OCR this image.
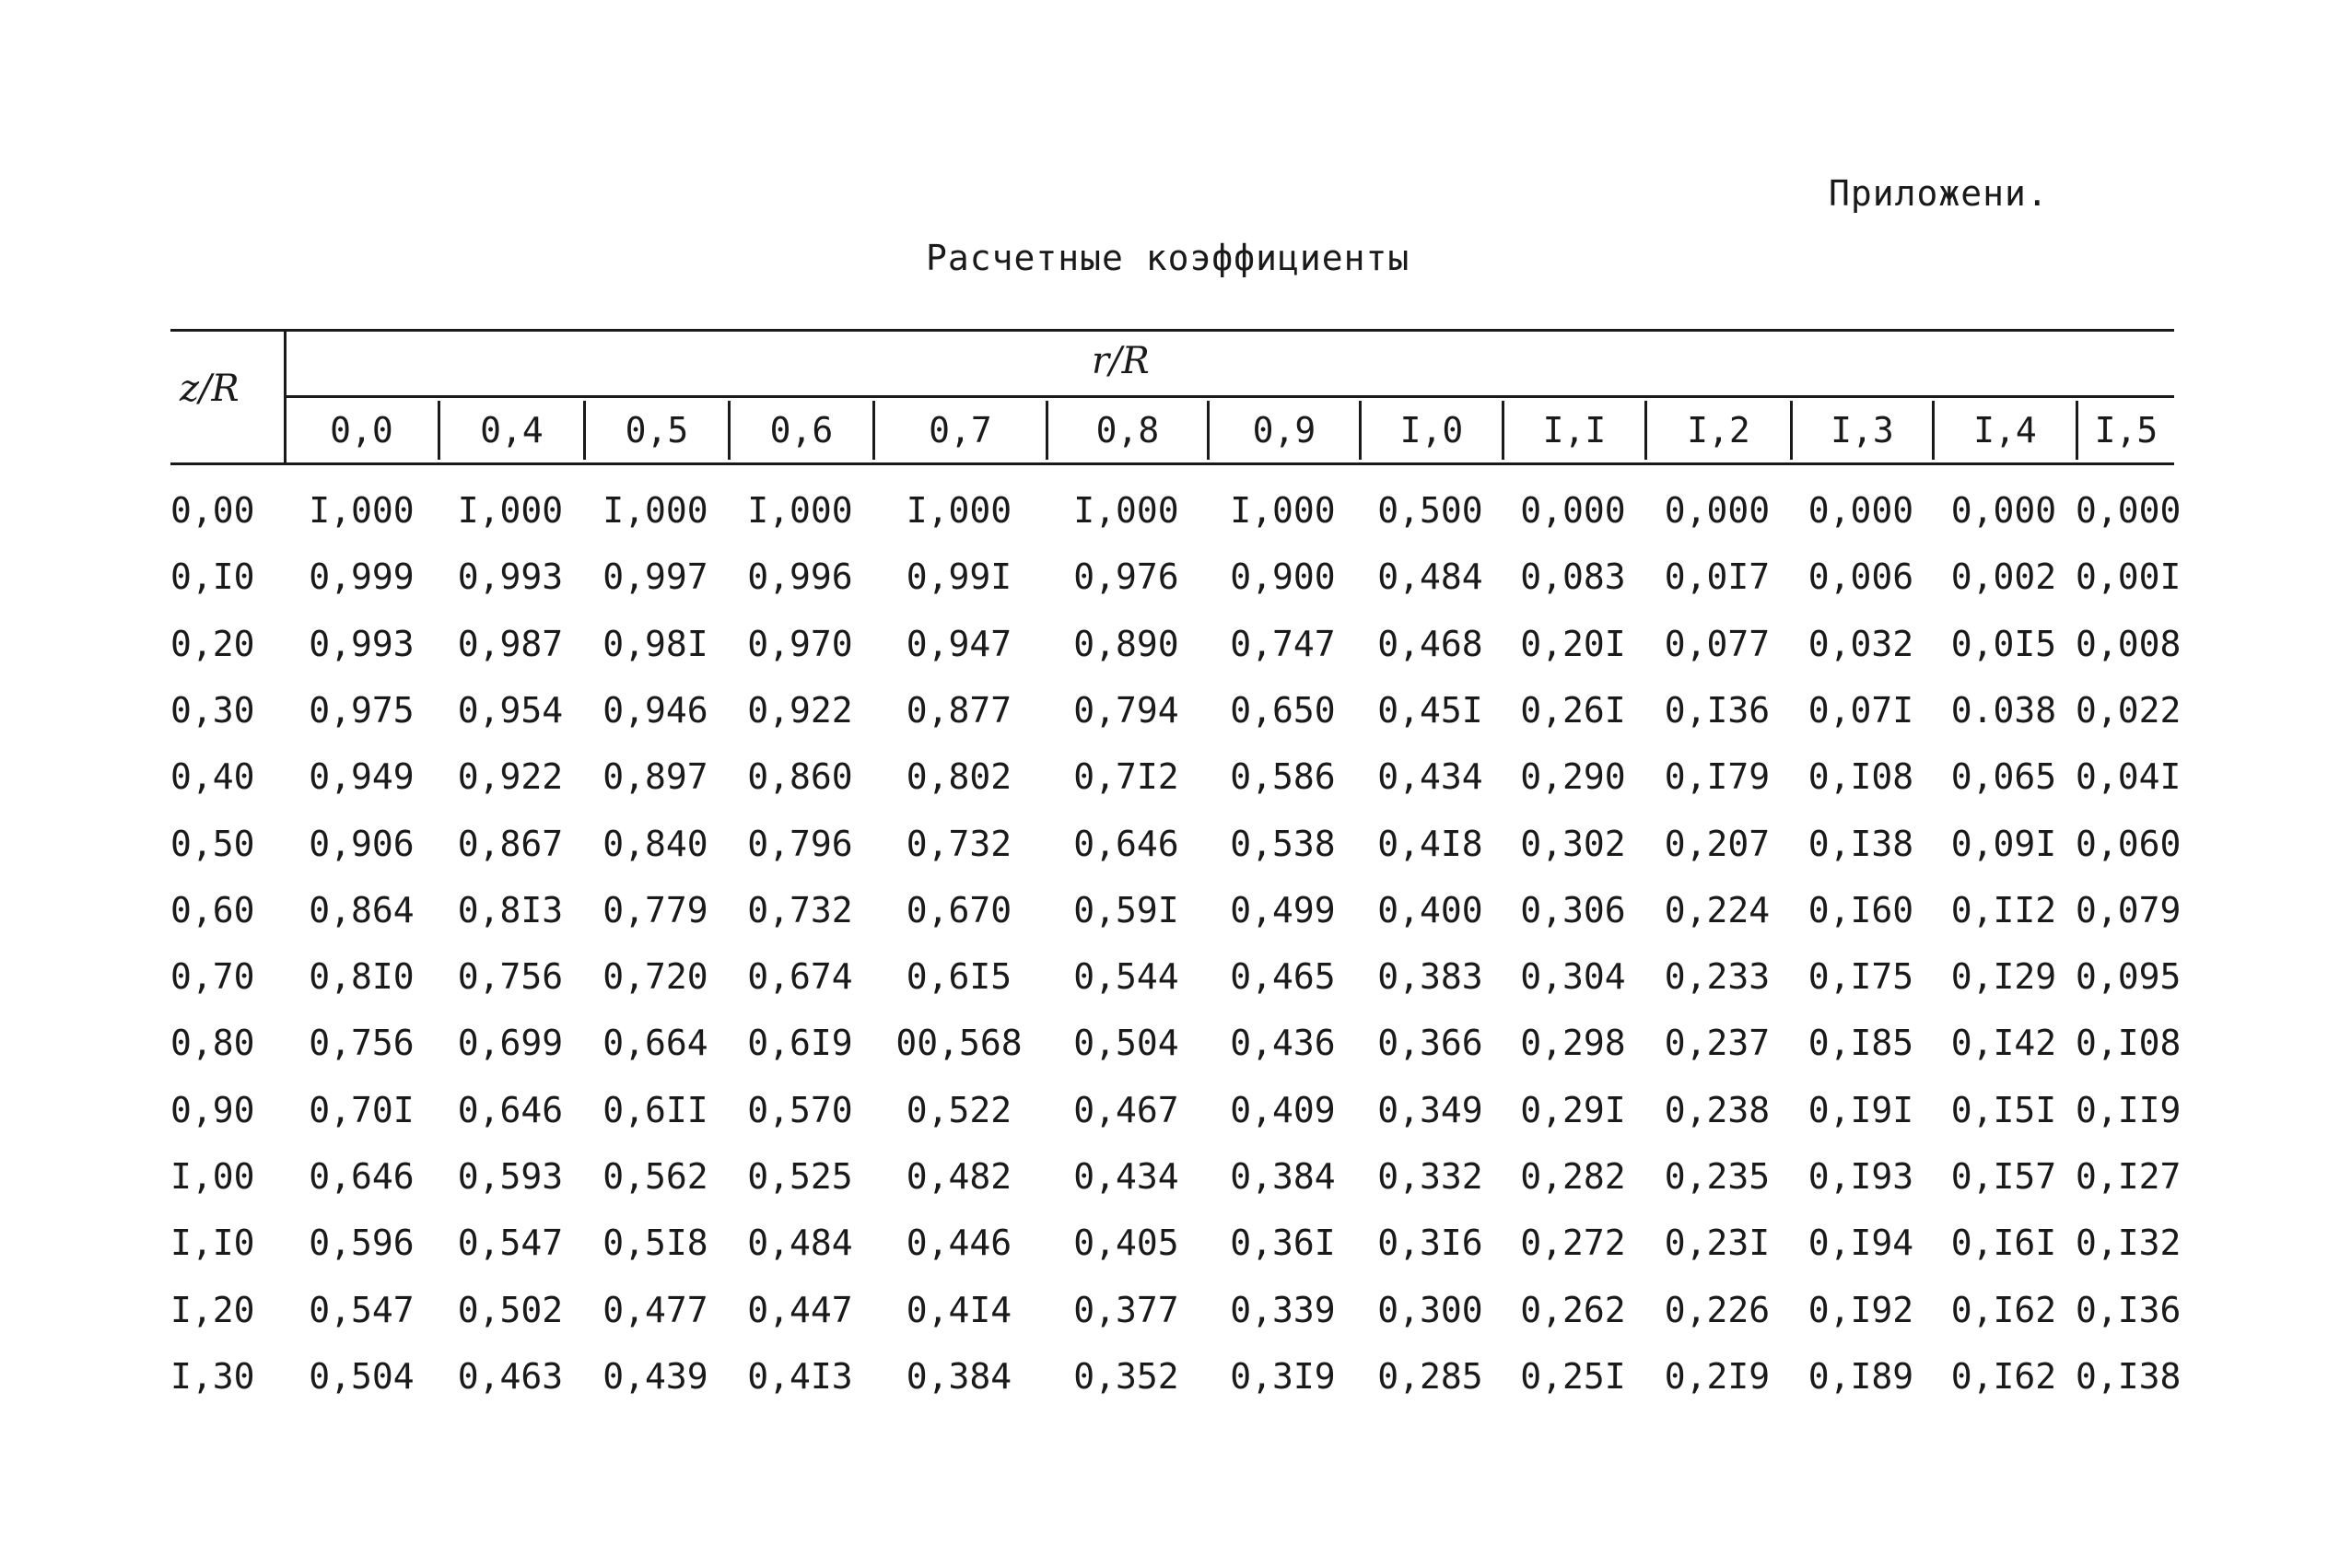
Приложени.
Расчетные коэффициенты
z/R
r/R
0,0	0,4	0,5	0,6	0,7	0,8	0,9	I,0	I,I	I,2	I,3	I,4	I,5
0,00	I,000	I,000	I,000	I,000	I,000	I,000	I,000	0,500	0,000	0,000	0,000	0,000 0,000
0,I0	0,999	0,993	0,997	0,996	0,99I	0,976	0,900	0,484	0,083	0,0I7	0,006	0,002 0,00I
0,20	0,993	0,987	0,98I	0,970	0,947	0,890	0,747	0,468	0,20I	0,077	0,032	0,0I5 0,008
0,30	0,975	0,954	0,946	0,922	0,877	0,794	0,650	0,45I	0,26I	0,I36	0,07I	0.038 0,022
0,40	0,949	0,922	0,897	0,860	0,802	0,7I2	0,586	0,434	0,290	0,I79	0,I08	0,065 0,04I
0,50	0,906	0,867	0,840	0,796	0,732	0,646	0,538	0,4I8	0,302	0,207	0,I38	0,09I 0,060
0,60	0,864	0,8I3	0,779	0,732	0,670	0,59I	0,499	0,400	0,306	0,224	0,I60	0,II2 0,079
0,70	0,8I0	0,756	0,720	0,674	0,6I5	0,544	0,465	0,383	0,304	0,233	0,I75	0,I29 0,095
0,80	0,756	0,699	0,664	0,6I9	00,568	0,504	0,436	0,366	0,298	0,237	0,I85	0,I42 0,I08
0,90	0,70I	0,646	0,6II	0,570	0,522	0,467	0,409	0,349	0,29I	0,238	0,I9I	0,I5I 0,II9
I,00	0,646	0,593	0,562	0,525	0,482	0,434	0,384	0,332	0,282	0,235	0,I93	0,I57 0,I27
I,I0	0,596	0,547	0,5I8	0,484	0,446	0,405	0,36I	0,3I6	0,272	0,23I	0,I94	0,I6I 0,I32
I,20	0,547	0,502	0,477	0,447	0,4I4	0,377	0,339	0,300	0,262	0,226	0,I92	0,I62 0,I36
I,30	0,504	0,463	0,439	0,4I3	0,384	0,352	0,3I9	0,285	0,25I	0,2I9	0,I89	0,I62 0,I38
